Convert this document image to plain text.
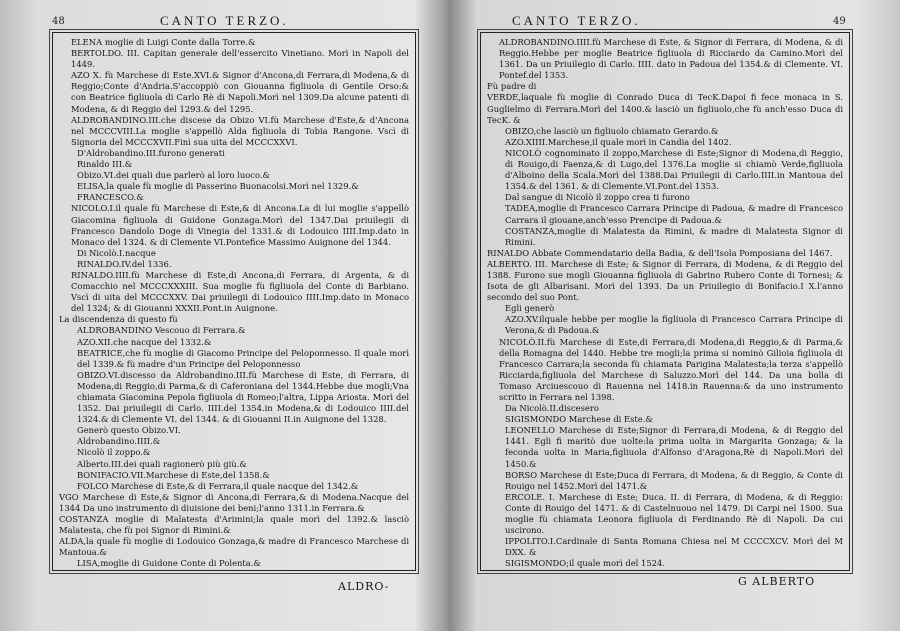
48	CANTO TERZO.

ELENA moglie di Luigi Conte dalla Torre.&

BERTOLDO. III. Capitan generale dell'essercito Vinetiano. Morì in Napoli del 1449.

AZO X. fù Marchese di Este.XVI.& Signor d'Ancona,di Ferrara,di Modena,& di Reggio;Conte d'Andria.S'accoppiò con Giouanna figliuola di Gentile Orso:& con Beatrice figliuola di Carlo Rè di Napoli.Morì nel 1309.Da alcune patenti di Modena, & di Reggio del 1293.& del 1295.

ALDROBANDINO.III.che discese da Obizo VI.fù Marchese d'Este,& d'Ancona nel MCCCVIII.La moglie s'appellò Alda figliuola di Tobia Rangone. Vscì di Signoria del MCCCXVII.Finì sua uita del MCCCXXVI.

D'Aldrobandino.III.furono generati

Rinaldo III.&

Obizo.VI.dei quali due parlerò al loro luoco.&

ELISA,la quale fù moglie di Passerino Buonacolsi.Morì nel 1329.&

FRANCESCO.&

NICOLO.I.il quale fù Marchese di Este,& di Ancona.La di lui moglie s'appellò Giacomina figliuola di Guidone Gonzaga.Morì del 1347.Dai priuilegii di Francesco Dandolo Doge di Vinegia del 1331.& di Lodouico IIII.Imp.dato in Monaco del 1324. & di Clemente VI.Pontefice Massimo Auignone del 1344.

Di Nicolò.I.nacque

RINALDO.IV.del 1336.

RINALDO.IIII.fù Marchese di Este,di Ancona,di Ferrara, di Argenta, & di Comacchio nel MCCCXXXIII. Sua moglie fù figliuola del Conte di Barbiano. Vscì di uita del MCCCXXV. Dai priuilegii di Lodouico IIII.Imp.dato in Monaco del 1324; & di Giouanni XXXII.Pont.in Auignone.

La discendenza di questo fù

ALDROBANDINO Vescouo di Ferrara.&

AZO.XII.che nacque del 1332.&

BEATRICE,che fù moglie di Giacomo Principe del Peloponnesso. Il quale morì del 1339.& fù madre d'un Principe del Peloponnesso

OBIZO.VI.discesso da Aldrobandino.III.fù Marchese di Este, di Ferrara, di Modena,di Reggio,di Parma,& di Caferoniana del 1344.Hebbe due mogli;Vna chiamata Giacomina Pepola figliuola di Romeo;l'altra, Lippa Ariosta. Morì del 1352. Dai priuilegii di Carlo. IIII.del 1354.in Modena,& di Lodouico IIII.del 1324.& di Clemente VI. del 1344. & di Giouanni II.in Auignone del 1328.

Generò questo Obizo.VI.

Aldrobandino.IIII.&

Nicolò il zoppo.&

Alberto.III.dei quali ragionerò più giù.&

BONIFACIO.VII.Marchese di Este,del 1358.&

FOLCO Marchese di Este,& di Ferrara,il quale nacque del 1342.&

VGO Marchese di Este,& Signor di Ancona,di Ferrara,& di Modena.Nacque del 1344 Da uno instrumento di diuisione dei beni;l'anno 1311.in Ferrara.&

COSTANZA moglie di Malatesta d'Arimini;la quale morì del 1392.& lasciò Malatesta, che fù poi Signor di Rimini.&

ALDA,la quale fù moglie di Lodouico Gonzaga,& madre di Francesco Marchese di Mantoua.&

LISA,moglie di Guidone Conte di Polenta.&

ALDRO-
CANTO TERZO.	49

ALDROBANDINO.IIII.fù Marchese di Este, & Signor di Ferrara, di Modena, & di Reggio.Hebbe per moglie Beatrice figliuola di Ricciardo da Camino.Morì del 1361. Da un Priuilegio di Carlo. IIII. dato in Padoua del 1354.& di Clemente. VI. Pontef.del 1353.

Fù padre di

VERDE,laquale fù moglie di Conrado Duca di TecK.Dapoi fi fece monaca in S. Guglielmo di Ferrara.Morì del 1400.& lasciò un figliuolo,che fù anch'esso Duca di TecK. &

OBIZO,che lasciò un figliuolo chiamato Gerardo.&

AZO.XIIII.Marchese,il quale morì in Candia del 1402.

NICOLÒ cognominato il zoppo,Marchese di Este;Signor di Modena,di Reggio, di Rouigo,di Faenza,& di Lugo,del 1376.La moglie si chiamò Verde,figliuola d'Alboino della Scala.Morì del 1388.Dai Priuilegii di Carlo.IIII.in Mantoua del 1354.& del 1361. & di Clemente.VI.Pont.del 1353.

Dal sangue di Nicolò il zoppo crea ti furono

TADEA,moglie di Francesco Carrara Principe di Padoua, & madre di Francesco Carrara il giouane,anch'esso Prencipe di Padoua.&

COSTANZA,moglie di Malatesta da Rimini, & madre di Malatesta Signor di Rimini.

RINALDO Abbate Commendatario della Badia, & dell'Isola Pomposiana del 1467.

ALBERTO. III. Marchese di Este; & Signor di Ferrara, di Modena, & di Reggio del 1388. Furono sue mogli Giouanna figliuola di Gabrino Rubero Conte di Tornesi; & Isota de gli Albarisani. Morì del 1393. Da un Priuilegio di Bonifacio.I X.l'anno secondo del suo Pont.

Egli generò

AZO.XV.ilquale hebbe per moglie la figliuola di Francesco Carrara Principe di Verona,& di Padoua.&

NICOLÒ.II.fù Marchese di Este,di Ferrara,di Modena,di Reggio,& di Parma,& della Romagna del 1440. Hebbe tre mogli;la prima si nominò Gilioia figliuola di Francesco Carrara;la seconda fù chiamata Parigina Malatesta;la terza s'appellò Ricciarda,figliuola del Marchese di Saluzzo.Morì del 144. Da una bolla di Tomaso Arciuescouo di Rauenna nel 1418.in Rauenna:& da uno instrumento scritto in Ferrara nel 1398.

Da Nicolò.II.discesero

SIGISMONDO Marchese di Este.&

LEONELLO Marchese di Este;Signor di Ferrara,di Modena, & di Reggio del 1441. Egli fi maritò due uolte:la prima uolta in Margarita Gonzaga; & la feconda uolta in Maria,figliuola d'Alfonso d'Aragona,Rè di Napoli.Morì del 1450.&

BORSO Marchese di Este;Duca di Ferrara, di Modena, & di Reggio, & Conte di Rouigo nel 1452.Morì del 1471.&

ERCOLE. I. Marchese di Este; Duca. II. di Ferrara, di Modena, & di Reggio: Conte di Rouigo del 1471. & di Castelnuouo nel 1479. Di Carpi nel 1500. Sua moglie fù chiamata Leonora figliuola di Ferdinando Rè di Napoli. Da cui uscirono.

IPPOLITO.I.Cardinale di Santa Romana Chiesa nel M CCCCXCV. Morì del M DXX. &

SIGISMONDO;il quale morì del 1524.

G ALBERTO
